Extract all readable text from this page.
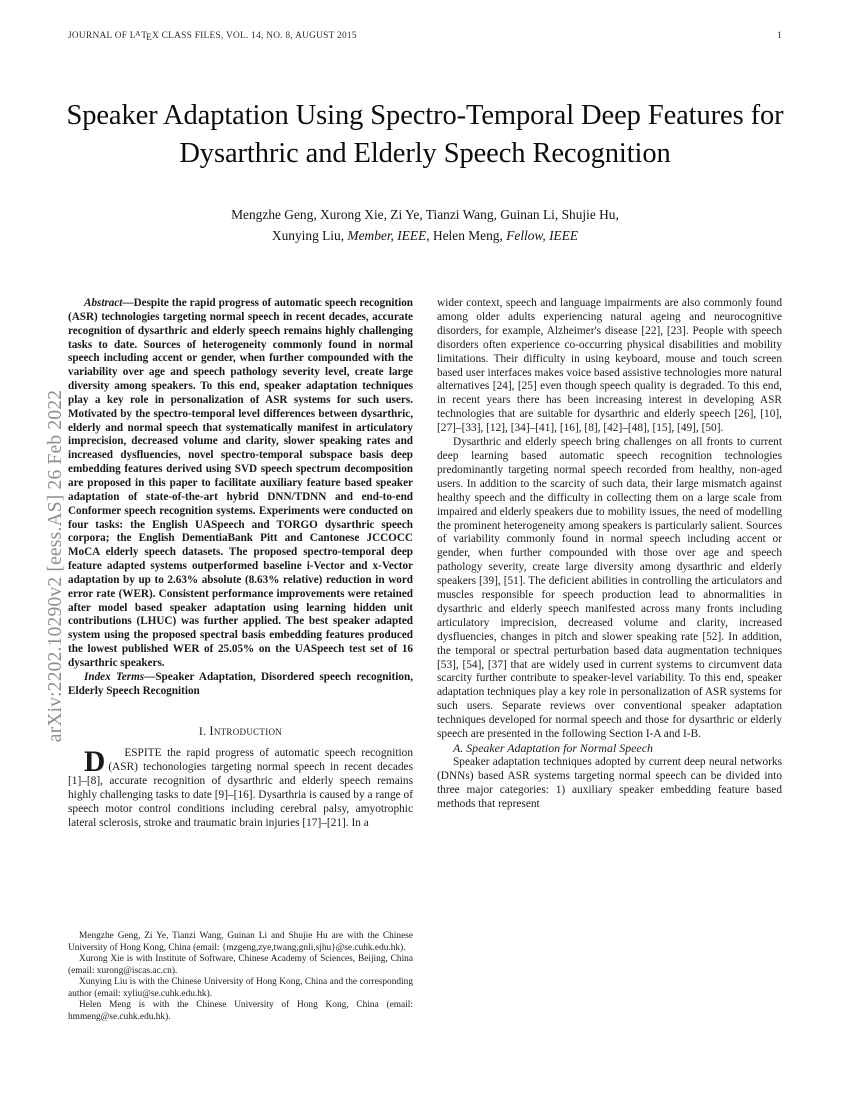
arXiv:2202.10290v2 [eess.AS] 26 Feb 2022
JOURNAL OF $L^ATEX$ CLASS FILES, VOL. 14, NO. 8, AUGUST 2015	1
Speaker Adaptation Using Spectro-Temporal Deep Features for Dysarthric and Elderly Speech Recognition
Mengzhe Geng, Xurong Xie, Zi Ye, Tianzi Wang, Guinan Li, Shujie Hu,
Xunying Liu, Member, IEEE, Helen Meng, Fellow, IEEE

Abstract—Despite the rapid progress of automatic speech recognition (ASR) technologies targeting normal speech in recent decades, accurate recognition of dysarthric and elderly speech remains highly challenging tasks to date. Sources of heterogeneity commonly found in normal speech including accent or gender, when further compounded with the variability over age and speech pathology severity level, create large diversity among speakers. To this end, speaker adaptation techniques play a key role in personalization of ASR systems for such users. Motivated by the spectro-temporal level differences between dysarthric, elderly and normal speech that systematically manifest in articulatory imprecision, decreased volume and clarity, slower speaking rates and increased dysfluencies, novel spectro-temporal subspace basis deep embedding features derived using SVD speech spectrum decomposition are proposed in this paper to facilitate auxiliary feature based speaker adaptation of state-of-the-art hybrid DNN/TDNN and end-to-end Conformer speech recognition systems. Experiments were conducted on four tasks: the English UASpeech and TORGO dysarthric speech corpora; the English DementiaBank Pitt and Cantonese JCCOCC MoCA elderly speech datasets. The proposed spectro-temporal deep feature adapted systems outperformed baseline i-Vector and x-Vector adaptation by up to 2.63% absolute (8.63% relative) reduction in word error rate (WER). Consistent performance improvements were retained after model based speaker adaptation using learning hidden unit contributions (LHUC) was further applied. The best speaker adapted system using the proposed spectral basis embedding features produced the lowest published WER of 25.05% on the UASpeech test set of 16 dysarthric speakers.

Index Terms—Speaker Adaptation, Disordered speech recognition, Elderly Speech Recognition

I. Introduction

D ESPITE the rapid progress of automatic speech recognition (ASR) techonologies targeting normal speech in recent decades [1]–[8], accurate recognition of dysarthric and elderly speech remains highly challenging tasks to date [9]–[16]. Dysarthria is caused by a range of speech motor control conditions including cerebral palsy, amyotrophic lateral sclerosis, stroke and traumatic brain injuries [17]–[21]. In a

wider context, speech and language impairments are also commonly found among older adults experiencing natural ageing and neurocognitive disorders, for example, Alzheimer's disease [22], [23]. People with speech disorders often experience co-occurring physical disabilities and mobility limitations. Their difficulty in using keyboard, mouse and touch screen based user interfaces makes voice based assistive technologies more natural alternatives [24], [25] even though speech quality is degraded. To this end, in recent years there has been increasing interest in developing ASR technologies that are suitable for dysarthric and elderly speech [26], [10], [27]–[33], [12], [34]–[41], [16], [8], [42]–[48], [15], [49], [50].

Dysarthric and elderly speech bring challenges on all fronts to current deep learning based automatic speech recognition technologies predominantly targeting normal speech recorded from healthy, non-aged users. In addition to the scarcity of such data, their large mismatch against healthy speech and the difficulty in collecting them on a large scale from impaired and elderly speakers due to mobility issues, the need of modelling the prominent heterogeneity among speakers is particularly salient. Sources of variability commonly found in normal speech including accent or gender, when further compounded with those over age and speech pathology severity, create large diversity among dysarthric and elderly speakers [39], [51]. The deficient abilities in controlling the articulators and muscles responsible for speech production lead to abnormalities in dysarthric and elderly speech manifested across many fronts including articulatory imprecision, decreased volume and clarity, increased dysfluencies, changes in pitch and slower speaking rate [52]. In addition, the temporal or spectral perturbation based data augmentation techniques [53], [54], [37] that are widely used in current systems to circumvent data scarcity further contribute to speaker-level variability. To this end, speaker adaptation techniques play a key role in personalization of ASR systems for such users. Separate reviews over conventional speaker adaptation techniques developed for normal speech and those for dysarthric or elderly speech are presented in the following Section I-A and I-B.

A. Speaker Adaptation for Normal Speech

Speaker adaptation techniques adopted by current deep neural networks (DNNs) based ASR systems targeting normal speech can be divided into three major categories: 1) auxiliary speaker embedding feature based methods that represent

Mengzhe Geng, Zi Ye, Tianzi Wang, Guinan Li and Shujie Hu are with the Chinese University of Hong Kong, China (email: {mzgeng,zye,twang,gnli,sjhu}@se.cuhk.edu.hk).

Xurong Xie is with Institute of Software, Chinese Academy of Sciences, Beijing, China (email: xurong@iscas.ac.cn).

Xunying Liu is with the Chinese University of Hong Kong, China and the corresponding author (email: xyliu@se.cuhk.edu.hk).

Helen Meng is with the Chinese University of Hong Kong, China (email: hmmeng@se.cuhk.edu.hk).
